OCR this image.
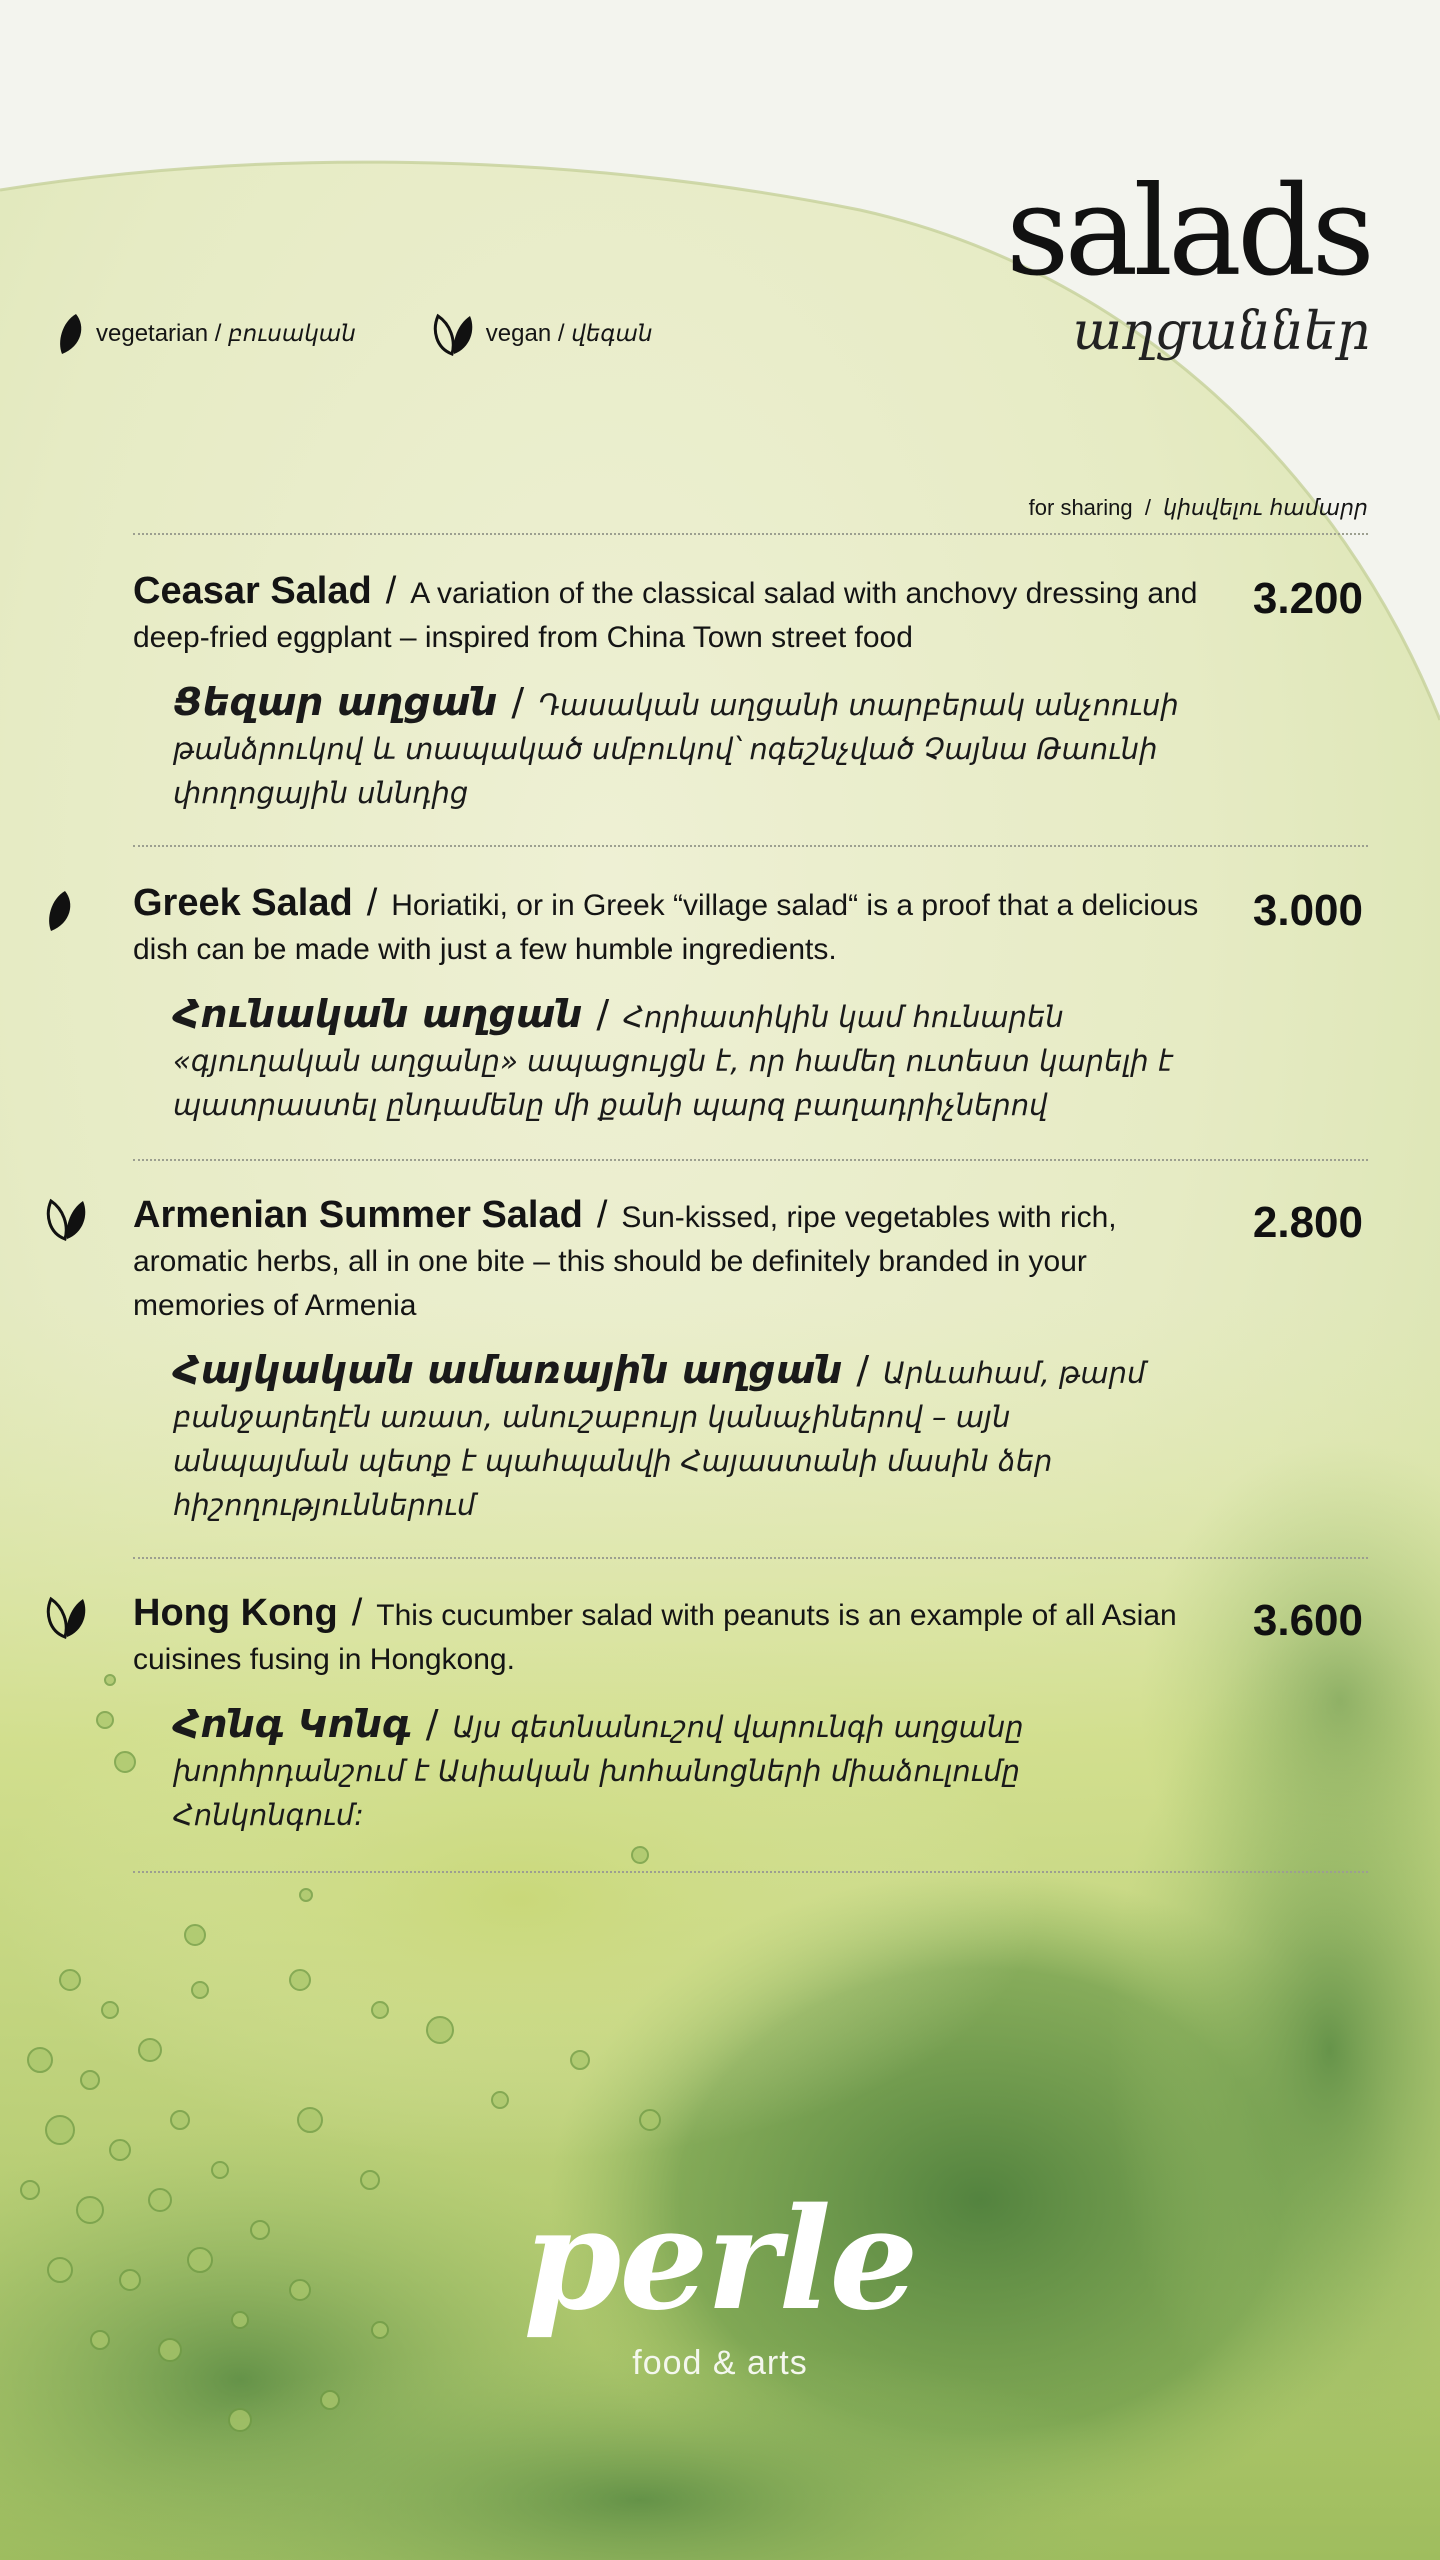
salads
աղցաններ
vegetarian / բուսական	vegan / վեգան
for sharing  /  կիսվելու համարր
3.200

Ceasar Salad / A variation of the classical salad with anchovy dressing and deep-fried eggplant – inspired from China Town street food

Ցեզար աղցան / Դասական աղցանի տարբերակ անչոուսի թանձրուկով և տապակած սմբուկով՝ ոգեշնչված Չայնա Թաունի փողոցային սննդից

3.000

Greek Salad / Horiatiki, or in Greek “village salad“ is a proof that a delicious dish can be made with just a few humble ingredients.

Հունական աղցան / Հորիատիկին կամ հունարեն «գյուղական աղցանը» ապացույցն է, որ համեղ ուտեստ կարելի է պատրաստել ընդամենը մի քանի պարզ բաղադրիչներով

2.800

Armenian Summer Salad / Sun-kissed, ripe vegetables with rich, aromatic herbs, all in one bite – this should be definitely branded in your memories of Armenia

Հայկական ամառային աղցան / Արևահամ, թարմ բանջարեղէն առատ, անուշաբույր կանաչիներով – այն անպայման պետք է պահպանվի Հայաստանի մասին ձեր հիշողություններում

3.600

Hong Kong / This cucumber salad with peanuts is an example of all Asian cuisines fusing in Hongkong.

Հոնգ Կոնգ / Այս գետնանուշով վարունգի աղցանը խորհրդանշում է Ասիական խոհանոցների միաձուլումը Հոնկոնգում:

perle
food & arts
